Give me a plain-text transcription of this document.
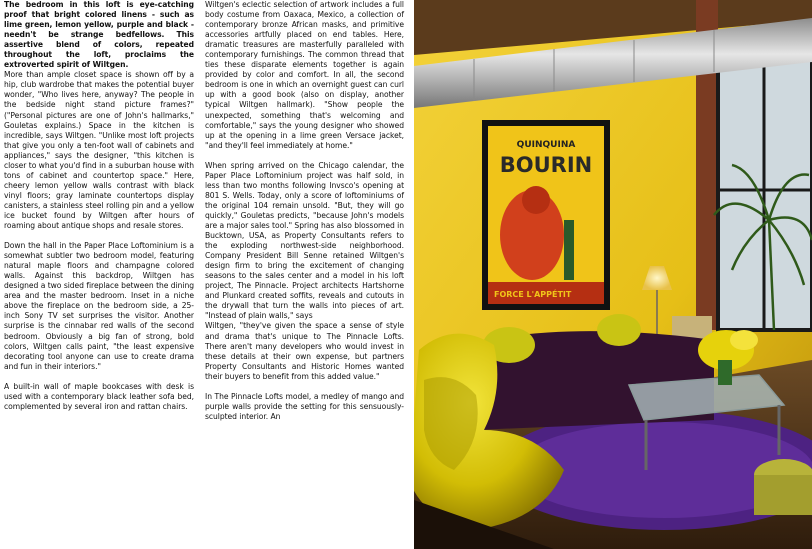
The bedroom in this loft is eye-catching proof that bright colored linens - such as lime green, lemon yellow, purple and black - needn't be strange bedfellows. This assertive blend of colors, repeated throughout the loft, proclaims the extroverted spirit of Wiltgen.

More than ample closet space is shown off by a hip, club wardrobe that makes the potential buyer wonder, "Who lives here, anyway? The people in the bedside night stand picture frames?" ("Personal pictures are one of John's hallmarks," Gouletas explains.) Space in the kitchen is incredible, says Wiltgen. "Unlike most loft projects that give you only a ten-foot wall of cabinets and appliances," says the designer, "this kitchen is closer to what you'd find in a suburban house with tons of cabinet and countertop space." Here, cheery lemon yellow walls contrast with black vinyl floors; gray laminate countertops display canisters, a stainless steel rolling pin and a yellow ice bucket found by Wiltgen after hours of roaming about antique shops and resale stores.

Down the hall in the Paper Place Loftominium is a somewhat subtler two bedroom model, featuring natural maple floors and champagne colored walls. Against this backdrop, Wiltgen has designed a two sided fireplace between the dining area and the master bedroom. Inset in a niche above the fireplace on the bedroom side, a 25-inch Sony TV set surprises the visitor. Another surprise is the cinnabar red walls of the second bedroom. Obviously a big fan of strong, bold colors, Wiltgen calls paint, "the least expensive decorating tool anyone can use to create drama and fun in their interiors."

A built-in wall of maple bookcases with desk is used with a contemporary black leather sofa bed, complemented by several iron and rattan chairs.

Wiltgen's eclectic selection of artwork includes a full body costume from Oaxaca, Mexico, a collection of contemporary bronze African masks, and primitive accessories artfully placed on end tables. Here, dramatic treasures are masterfully paralleled with contemporary furnishings. The common thread that ties these disparate elements together is again provided by color and comfort. In all, the second bedroom is one in which an overnight guest can curl up with a good book (also on display, another typical Wiltgen hallmark). "Show people the unexpected, something that's welcoming and comfortable," says the young designer who showed up at the opening in a lime green Versace jacket, "and they'll feel immediately at home."

When spring arrived on the Chicago calendar, the Paper Place Loftominium project was half sold, in less than two months following Invsco's opening at 801 S. Wells. Today, only a score of loftominiums of the original 104 remain unsold. "But, they will go quickly," Gouletas predicts, "because John's models are a major sales tool." Spring has also blossomed in Bucktown, USA, as Property Consultants refers to the exploding northwest-side neighborhood. Company President Bill Senne retained Wiltgen's design firm to bring the excitement of changing seasons to the sales center and a model in his loft project, The Pinnacle. Project architects Hartshorne and Plunkard created soffits, reveals and cutouts in the drywall that turn the walls into pieces of art. "Instead of plain walls," says

Wiltgen, "they've given the space a sense of style and drama that's unique to The Pinnacle Lofts. There aren't many developers who would invest in these details at their own expense, but partners Property Consultants and Historic Homes wanted their buyers to benefit from this added value."

In The Pinnacle Lofts model, a medley of mango and purple walls provide the setting for this sensuously-sculpted interior. An

QUINQUINA
BOURIN
FORCE L'APPÉTIT
